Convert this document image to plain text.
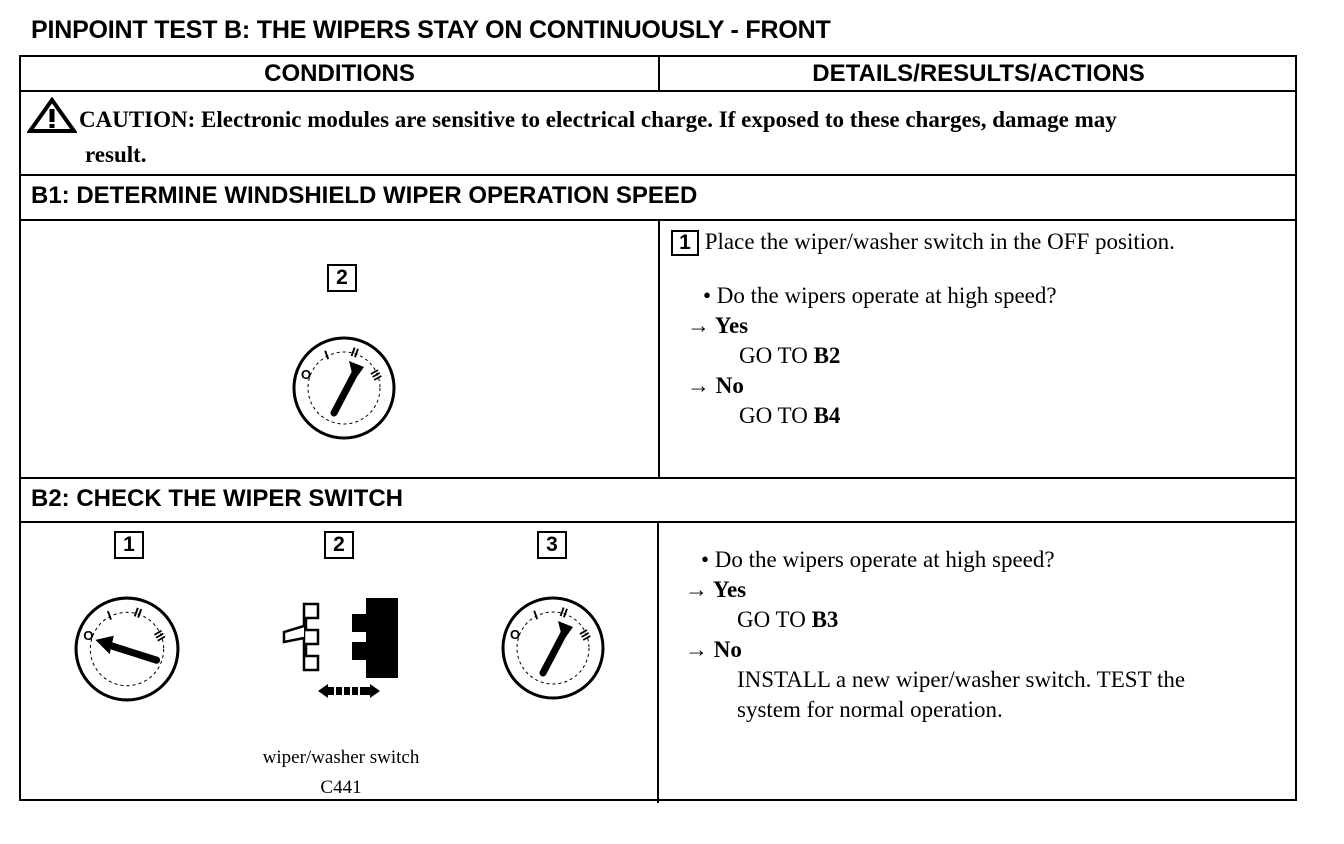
PINPOINT TEST B: THE WIPERS STAY ON CONTINUOUSLY - FRONT
CONDITIONS	DETAILS/RESULTS/ACTIONS
CAUTION: Electronic modules are sensitive to electrical charge. If exposed to these charges, damage may
result.
B1: DETERMINE WINDSHIELD WIPER OPERATION SPEED
2
O
I II
III
1 Place the wiper/washer switch in the OFF position.
• Do the wipers operate at high speed?
→ Yes
GO TO B2
→ No
GO TO B4
B2: CHECK THE WIPER SWITCH
1	2	3
O
I II
III	O
I II
III
wiper/washer switch
C441
• Do the wipers operate at high speed?
→ Yes
GO TO B3
→ No
INSTALL a new wiper/washer switch. TEST the
system for normal operation.
